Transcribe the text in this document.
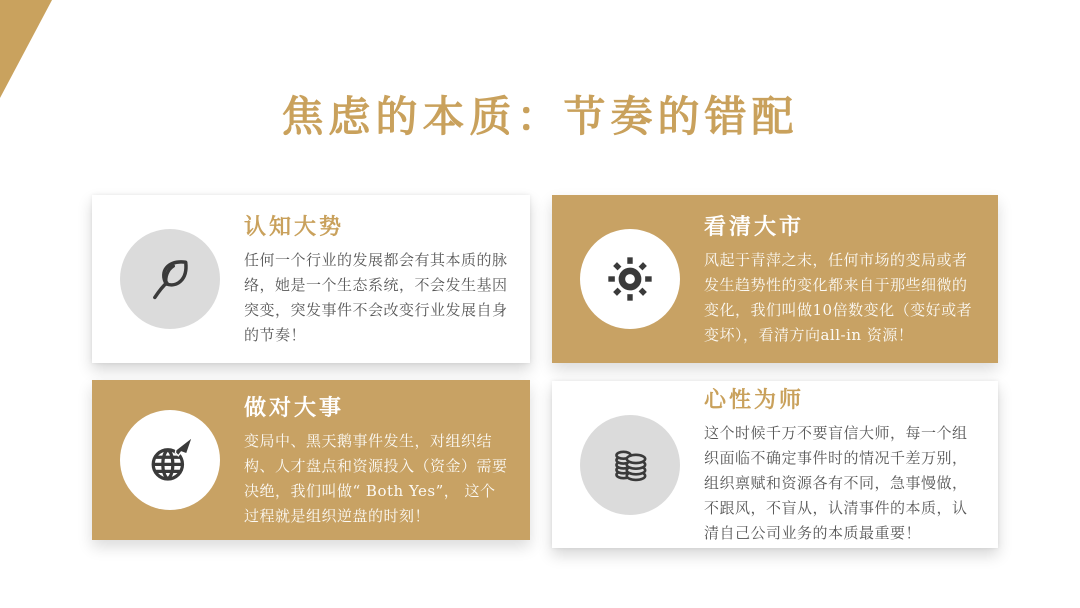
焦虑的本质：节奏的错配
认知大势

任何一个行业的发展都会有其本质的脉络，她是一个生态系统，不会发生基因突变，突发事件不会改变行业发展自身的节奏！

看清大市

风起于青萍之末，任何市场的变局或者发生趋势性的变化都来自于那些细微的变化，我们叫做10倍数变化（变好或者变坏），看清方向all-in 资源！

做对大事

变局中、黑天鹅事件发生，对组织结构、人才盘点和资源投入（资金）需要决绝，我们叫做“ Both Yes”， 这个过程就是组织逆盘的时刻！

心性为师

这个时候千万不要盲信大师，每一个组织面临不确定事件时的情况千差万别，组织禀赋和资源各有不同，急事慢做，不跟风，不盲从，认清事件的本质，认清自己公司业务的本质最重要！
